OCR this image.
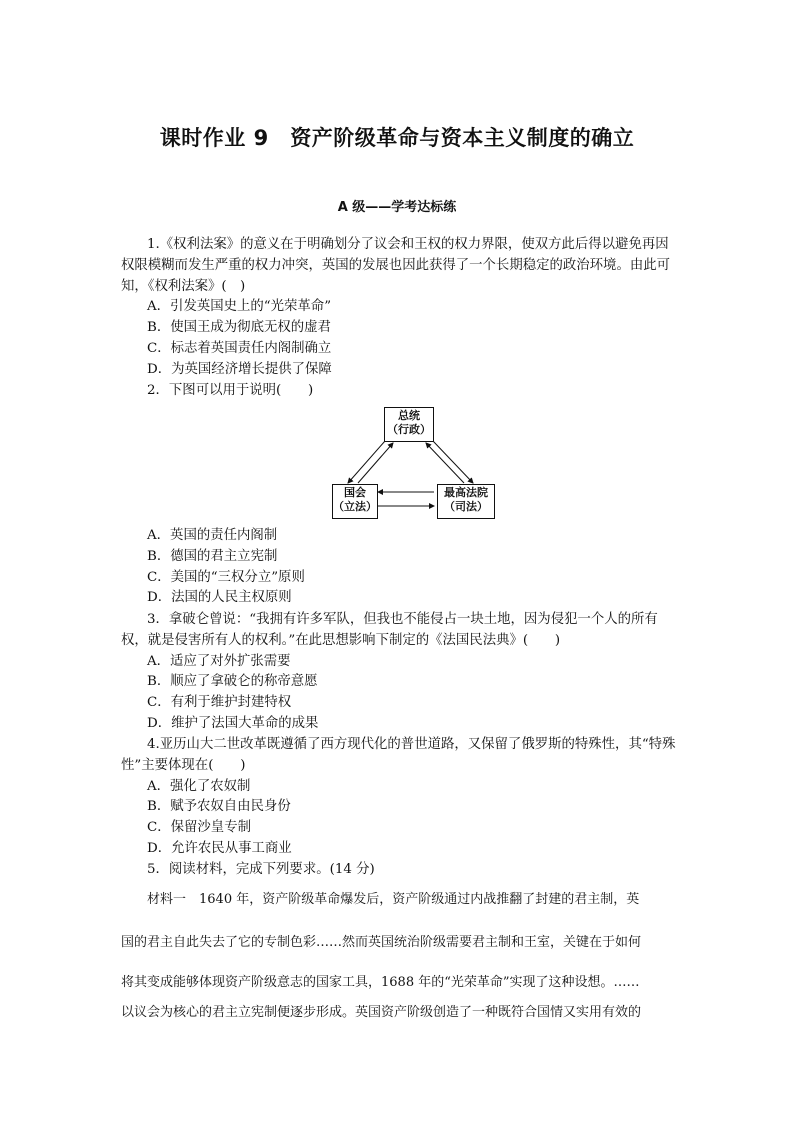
课时作业 9　资产阶级革命与资本主义制度的确立
A 级——学考达标练

1.《权利法案》的意义在于明确划分了议会和王权的权力界限，使双方此后得以避免再因权限模糊而发生严重的权力冲突，英国的发展也因此获得了一个长期稳定的政治环境。由此可知，《权利法案》(　)

A．引发英国史上的“光荣革命”

B．使国王成为彻底无权的虚君

C．标志着英国责任内阁制确立

D．为英国经济增长提供了保障

2．下图可以用于说明(　　)

总统
（行政）
国会
（立法）
最高法院
（司法）

A．英国的责任内阁制

B．德国的君主立宪制

C．美国的“三权分立”原则

D．法国的人民主权原则

3．拿破仑曾说：“我拥有许多军队，但我也不能侵占一块土地，因为侵犯一个人的所有权，就是侵害所有人的权利。”在此思想影响下制定的《法国民法典》(　　)

A．适应了对外扩张需要

B．顺应了拿破仑的称帝意愿

C．有利于维护封建特权

D．维护了法国大革命的成果

4.亚历山大二世改革既遵循了西方现代化的普世道路，又保留了俄罗斯的特殊性，其“特殊性”主要体现在(　　)

A．强化了农奴制

B．赋予农奴自由民身份

C．保留沙皇专制

D．允许农民从事工商业

5．阅读材料，完成下列要求。(14 分)

材料一　1640 年，资产阶级革命爆发后，资产阶级通过内战推翻了封建的君主制，英
国的君主自此失去了它的专制色彩……然而英国统治阶级需要君主制和王室，关键在于如何
将其变成能够体现资产阶级意志的国家工具，1688 年的“光荣革命”实现了这种设想。……
以议会为核心的君主立宪制便逐步形成。英国资产阶级创造了一种既符合国情又实用有效的
